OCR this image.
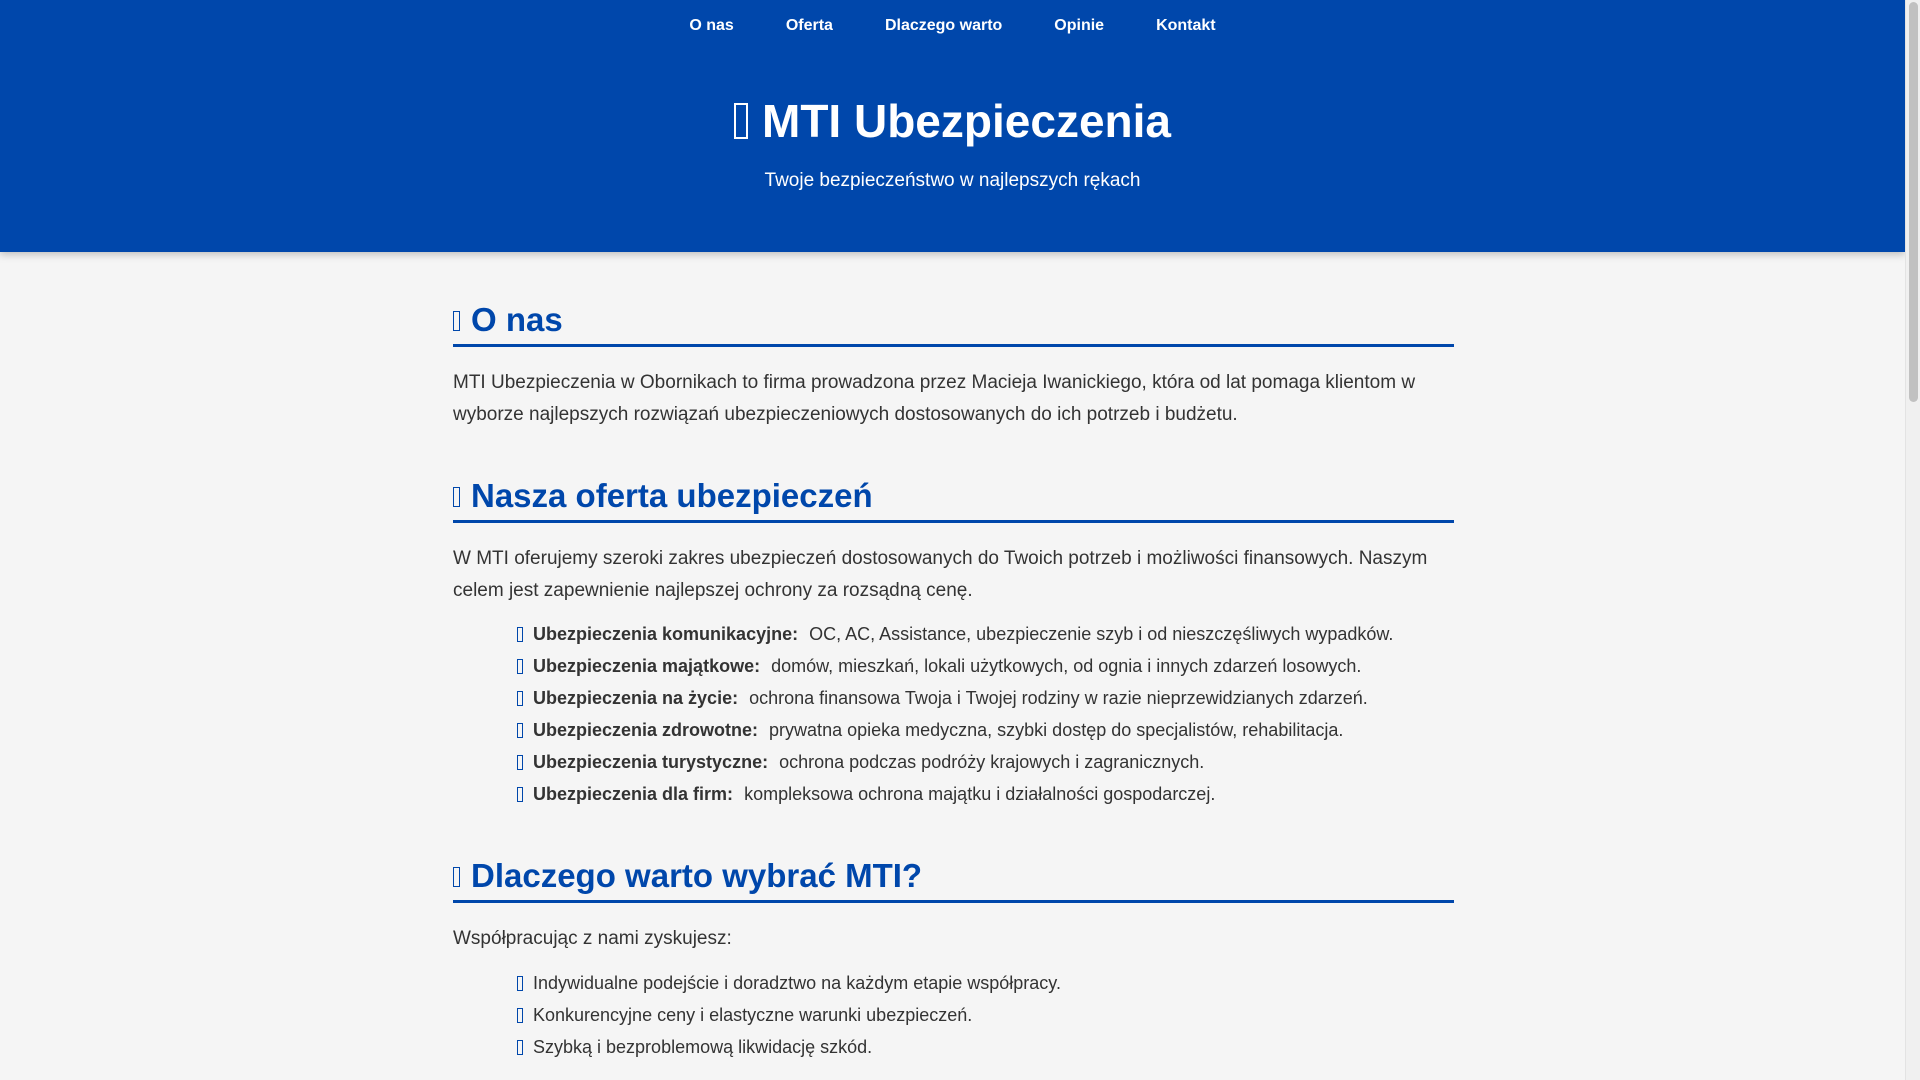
O nas	Oferta	Dlaczego warto	Opinie	Kontakt
MTI Ubezpieczenia

Twoje bezpieczeństwo w najlepszych rękach

O nas

MTI Ubezpieczenia w Obornikach to firma prowadzona przez Macieja Iwanickiego, która od lat pomaga klientom w wyborze najlepszych rozwiązań ubezpieczeniowych dostosowanych do ich potrzeb i budżetu.

Nasza oferta ubezpieczeń

W MTI oferujemy szeroki zakres ubezpieczeń dostosowanych do Twoich potrzeb i możliwości finansowych. Naszym celem jest zapewnienie najlepszej ochrony za rozsądną cenę.

Ubezpieczenia komunikacyjne: OC, AC, Assistance, ubezpieczenie szyb i od nieszczęśliwych wypadków.
Ubezpieczenia majątkowe: domów, mieszkań, lokali użytkowych, od ognia i innych zdarzeń losowych.
Ubezpieczenia na życie: ochrona finansowa Twoja i Twojej rodziny w razie nieprzewidzianych zdarzeń.
Ubezpieczenia zdrowotne: prywatna opieka medyczna, szybki dostęp do specjalistów, rehabilitacja.
Ubezpieczenia turystyczne: ochrona podczas podróży krajowych i zagranicznych.
Ubezpieczenia dla firm: kompleksowa ochrona majątku i działalności gospodarczej.
Dlaczego warto wybrać MTI?

Współpracując z nami zyskujesz:

Indywidualne podejście i doradztwo na każdym etapie współpracy.
Konkurencyjne ceny i elastyczne warunki ubezpieczeń.
Szybką i bezproblemową likwidację szkód.
